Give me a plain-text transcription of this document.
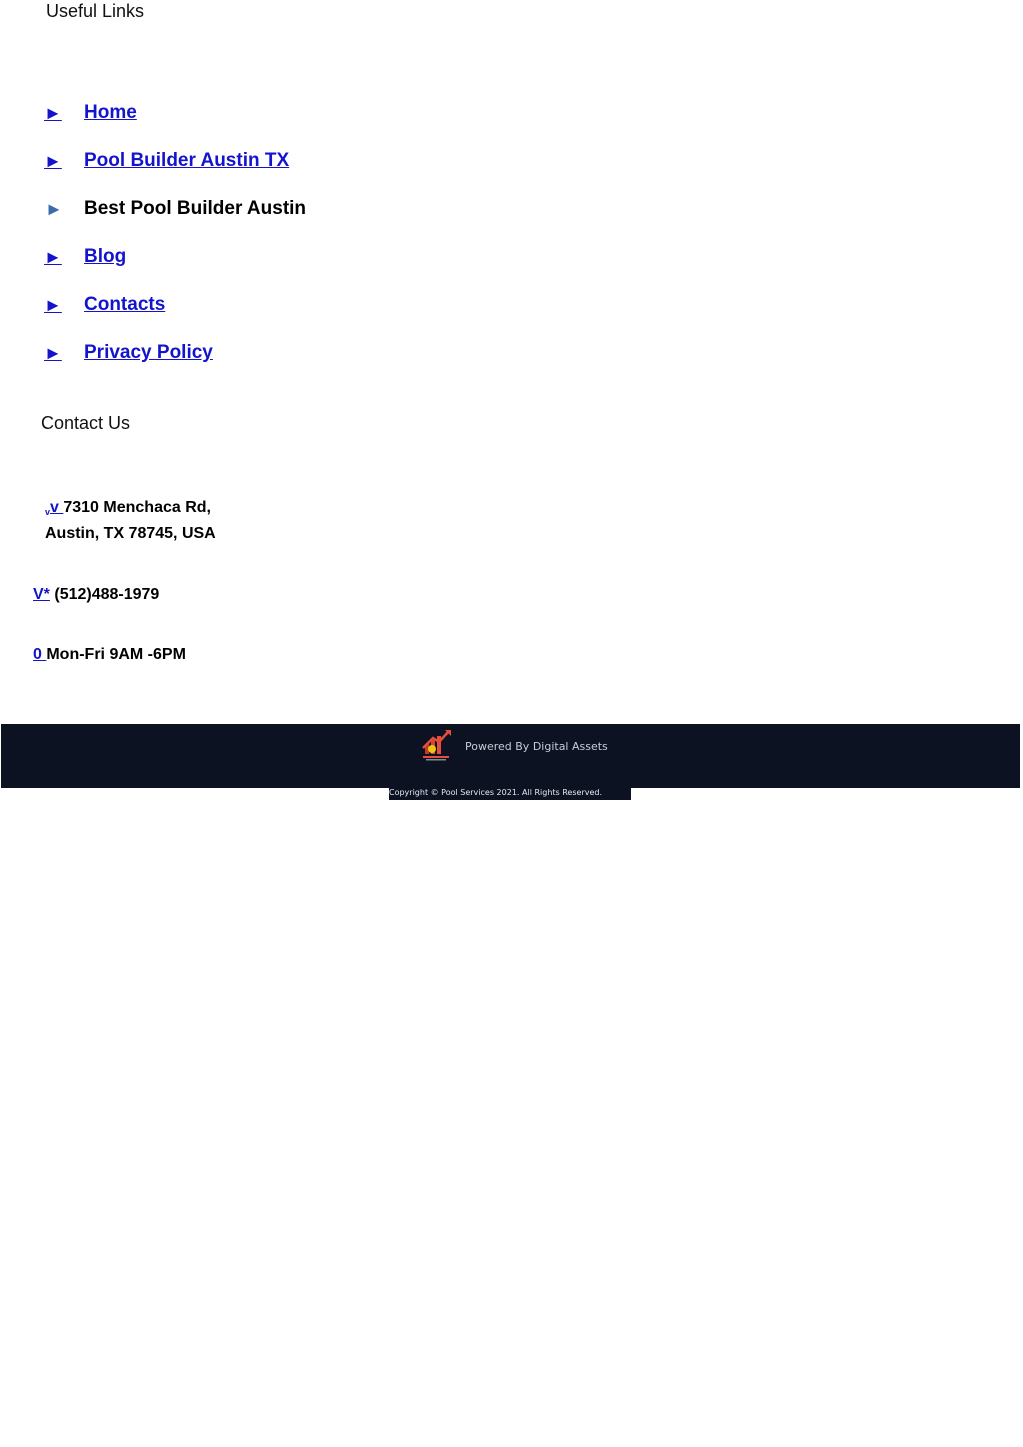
Useful Links
►	Home
►	Pool Builder Austin TX
►	Best Pool Builder Austin
►	Blog
►	Contacts
►	Privacy Policy
Contact Us
vv 7310 Menchaca Rd,
Austin, TX 78745, USA
V* (512)488-1979
0 Mon-Fri 9AM -6PM
Powered By Digital Assets
Copyright © Pool Services 2021. All Rights Reserved.
